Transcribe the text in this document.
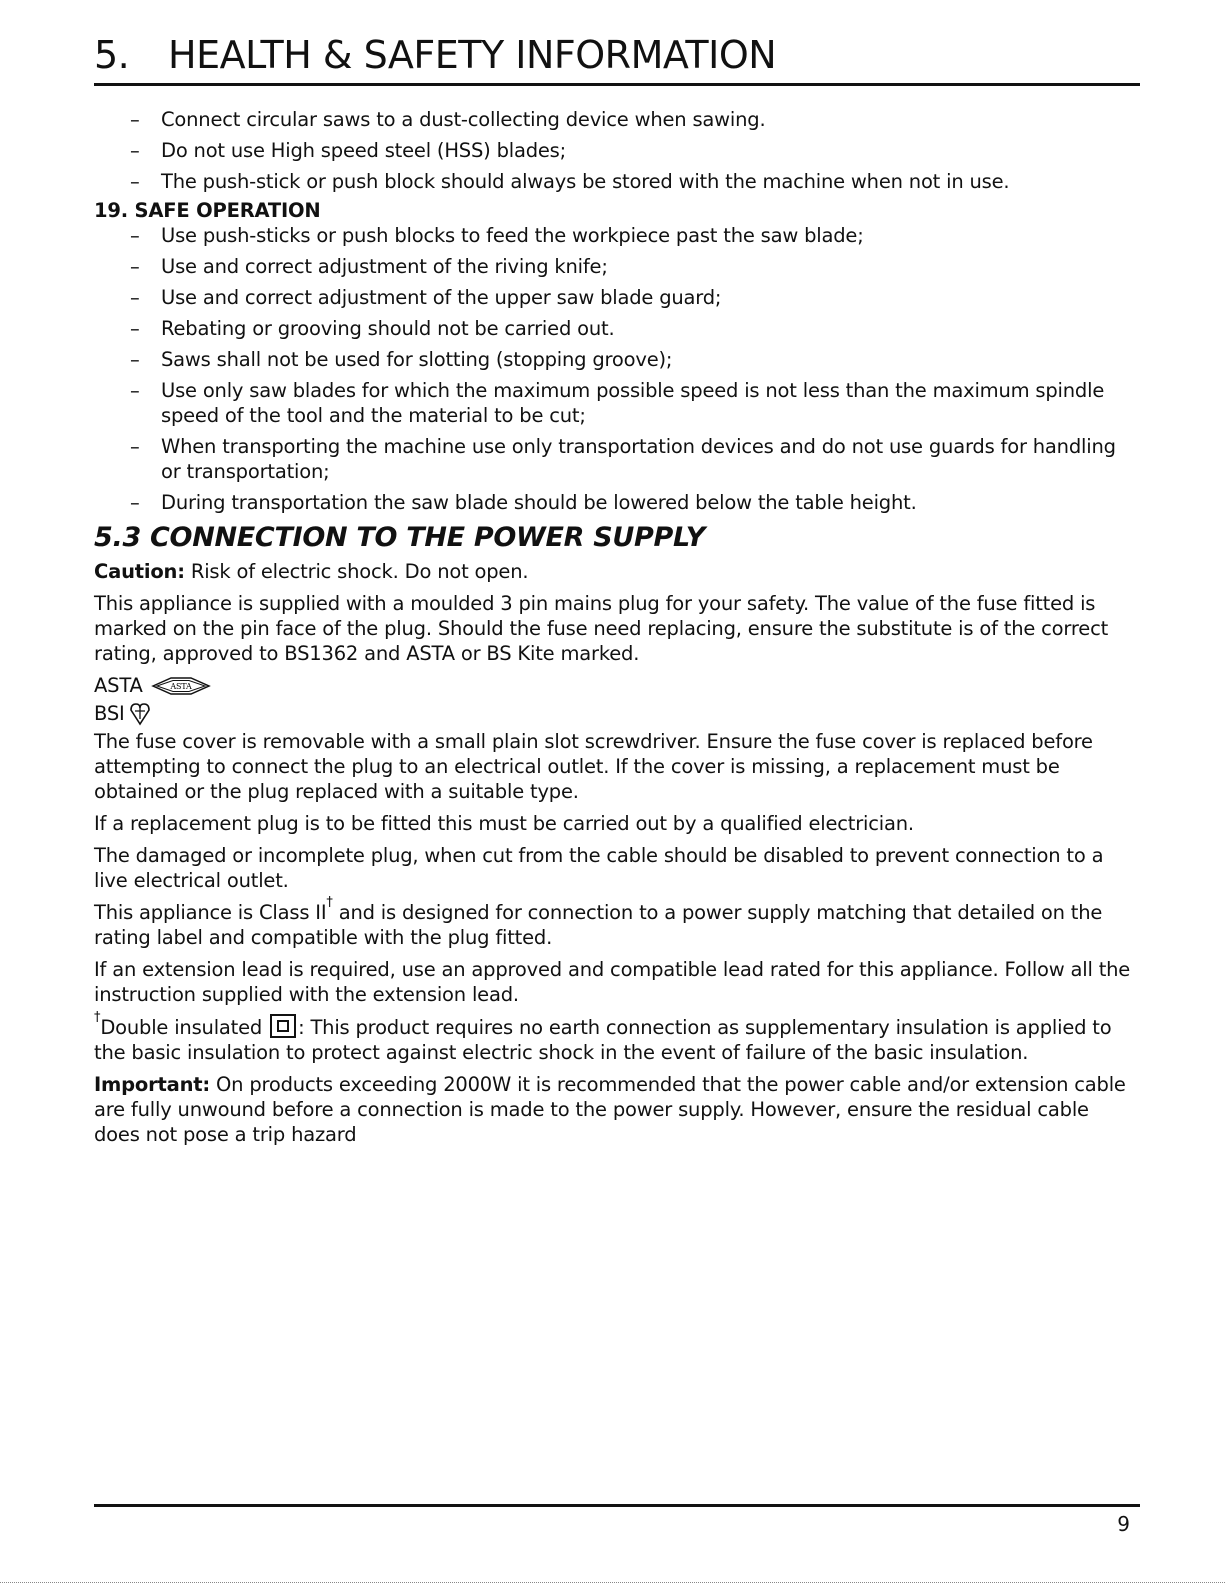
5. HEALTH & SAFETY INFORMATION
– Connect circular saws to a dust-collecting device when sawing.
– Do not use High speed steel (HSS) blades;
– The push-stick or push block should always be stored with the machine when not in use.
19. SAFE OPERATION
– Use push-sticks or push blocks to feed the workpiece past the saw blade;
– Use and correct adjustment of the riving knife;
– Use and correct adjustment of the upper saw blade guard;
– Rebating or grooving should not be carried out.
– Saws shall not be used for slotting (stopping groove);
– Use only saw blades for which the maximum possible speed is not less than the maximum spindle speed of the tool and the material to be cut;
– When transporting the machine use only transportation devices and do not use guards for handling or transportation;
– During transportation the saw blade should be lowered below the table height.
5.3 CONNECTION TO THE POWER SUPPLY

Caution: Risk of electric shock. Do not open.

This appliance is supplied with a moulded 3 pin mains plug for your safety. The value of the fuse fitted is marked on the pin face of the plug. Should the fuse need replacing, ensure the substitute is of the correct rating, approved to BS1362 and ASTA or BS Kite marked.

ASTA	ASTA
BSI

The fuse cover is removable with a small plain slot screwdriver. Ensure the fuse cover is replaced before attempting to connect the plug to an electrical outlet. If the cover is missing, a replacement must be obtained or the plug replaced with a suitable type.

If a replacement plug is to be fitted this must be carried out by a qualified electrician.

The damaged or incomplete plug, when cut from the cable should be disabled to prevent connection to a live electrical outlet.

This appliance is Class II† and is designed for connection to a power supply matching that detailed on the rating label and compatible with the plug fitted.

If an extension lead is required, use an approved and compatible lead rated for this appliance. Follow all the instruction supplied with the extension lead.

†Double insulated : This product requires no earth connection as supplementary insulation is applied to the basic insulation to protect against electric shock in the event of failure of the basic insulation.

Important: On products exceeding 2000W it is recommended that the power cable and/or extension cable are fully unwound before a connection is made to the power supply. However, ensure the residual cable does not pose a trip hazard

9
